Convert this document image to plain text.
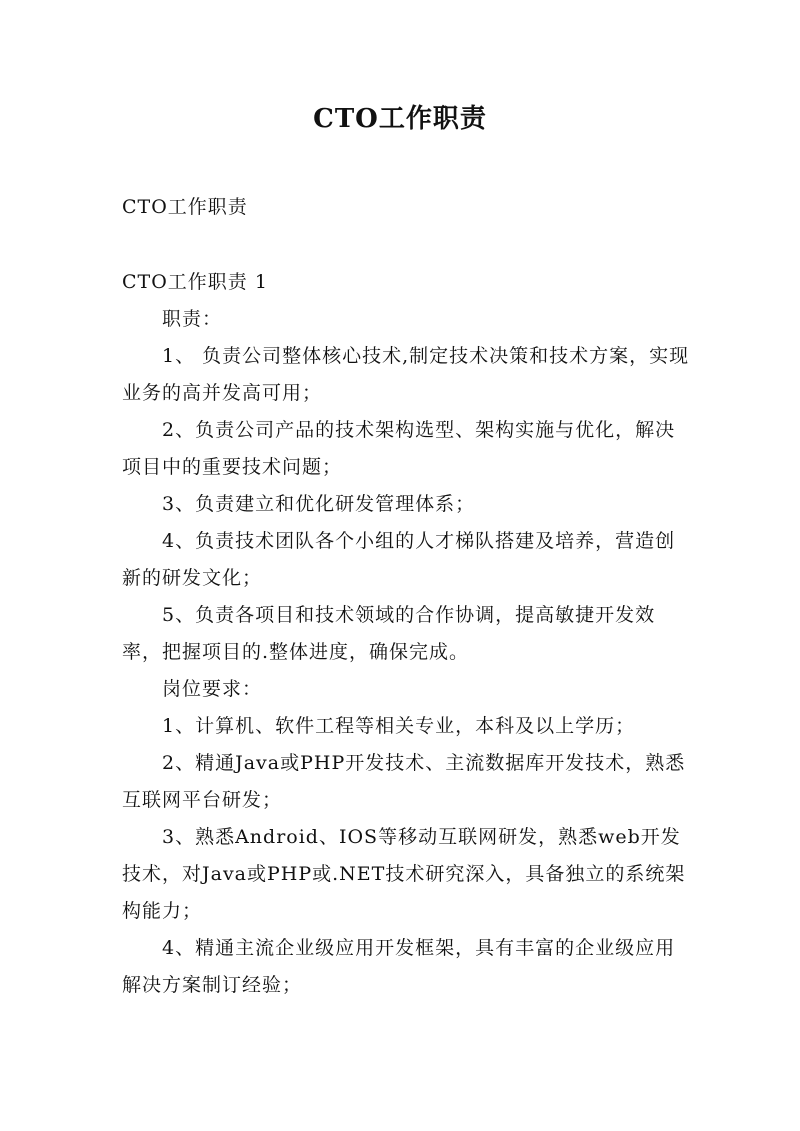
CTO工作职责
CTO工作职责

CTO工作职责 1

职责：

1、 负责公司整体核心技术,制定技术决策和技术方案，实现业务的高并发高可用；

2、负责公司产品的技术架构选型、架构实施与优化，解决项目中的重要技术问题；

3、负责建立和优化研发管理体系；

4、负责技术团队各个小组的人才梯队搭建及培养，营造创新的研发文化；

5、负责各项目和技术领域的合作协调，提高敏捷开发效率，把握项目的.整体进度，确保完成。

岗位要求：

1、计算机、软件工程等相关专业，本科及以上学历；

2、精通Java或PHP开发技术、主流数据库开发技术，熟悉互联网平台研发；

3、熟悉Android、IOS等移动互联网研发，熟悉web开发技术，对Java或PHP或.NET技术研究深入，具备独立的系统架构能力；

4、精通主流企业级应用开发框架，具有丰富的企业级应用解决方案制订经验；
